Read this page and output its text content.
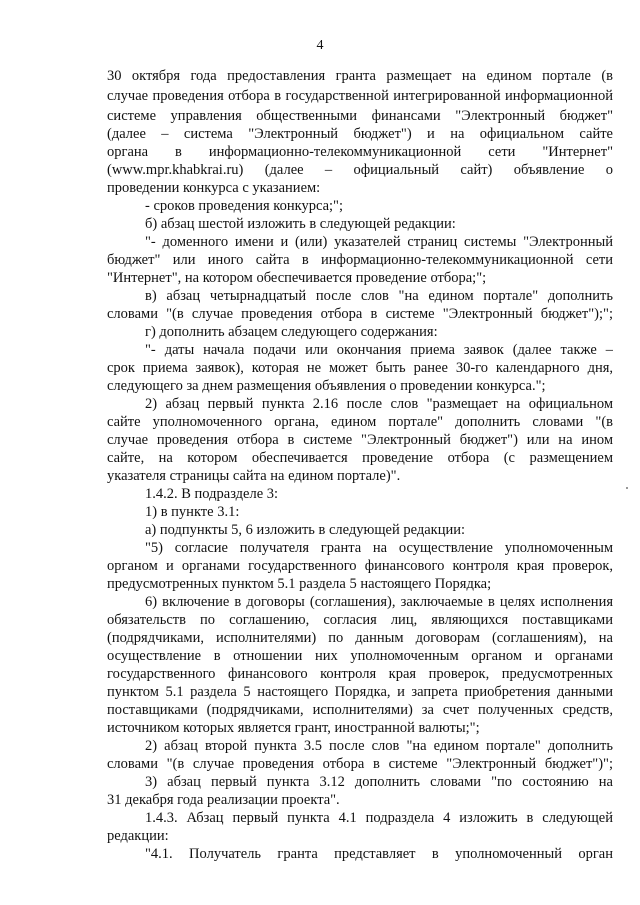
4
30 октября года предоставления гранта размещает на едином портале (в
случае проведения отбора в государственной интегрированной информационной
системе управления общественными финансами "Электронный бюджет"
(далее – система "Электронный бюджет") и на официальном сайте
органа в информационно-телекоммуникационной сети "Интернет"
(www.mpr.khabkrai.ru) (далее – официальный сайт) объявление о
проведении конкурса с указанием:
- сроков проведения конкурса;";
б) абзац шестой изложить в следующей редакции:
"- доменного имени и (или) указателей страниц системы "Электронный
бюджет" или иного сайта в информационно-телекоммуникационной сети
"Интернет", на котором обеспечивается проведение отбора;";
в) абзац четырнадцатый после слов "на едином портале" дополнить
словами "(в случае проведения отбора в системе "Электронный бюджет");";
г) дополнить абзацем следующего содержания:
"- даты начала подачи или окончания приема заявок (далее также –
срок приема заявок), которая не может быть ранее 30-го календарного дня,
следующего за днем размещения объявления о проведении конкурса.";
2) абзац первый пункта 2.16 после слов "размещает на официальном
сайте уполномоченного органа, едином портале" дополнить словами "(в
случае проведения отбора в системе "Электронный бюджет") или на ином
сайте, на котором обеспечивается проведение отбора (с размещением
указателя страницы сайта на едином портале)".
1.4.2. В подразделе 3:
1) в пункте 3.1:
а) подпункты 5, 6 изложить в следующей редакции:
"5) согласие получателя гранта на осуществление уполномоченным
органом и органами государственного финансового контроля края проверок,
предусмотренных пунктом 5.1 раздела 5 настоящего Порядка;
6) включение в договоры (соглашения), заключаемые в целях исполнения
обязательств по соглашению, согласия лиц, являющихся поставщиками
(подрядчиками, исполнителями) по данным договорам (соглашениям), на
осуществление в отношении них уполномоченным органом и органами
государственного финансового контроля края проверок, предусмотренных
пунктом 5.1 раздела 5 настоящего Порядка, и запрета приобретения данными
поставщиками (подрядчиками, исполнителями) за счет полученных средств,
источником которых является грант, иностранной валюты;";
2) абзац второй пункта 3.5 после слов "на едином портале" дополнить
словами "(в случае проведения отбора в системе "Электронный бюджет")";
3) абзац первый пункта 3.12 дополнить словами "по состоянию на
31 декабря года реализации проекта".
1.4.3. Абзац первый пункта 4.1 подраздела 4 изложить в следующей
редакции:
"4.1. Получатель гранта представляет в уполномоченный орган
